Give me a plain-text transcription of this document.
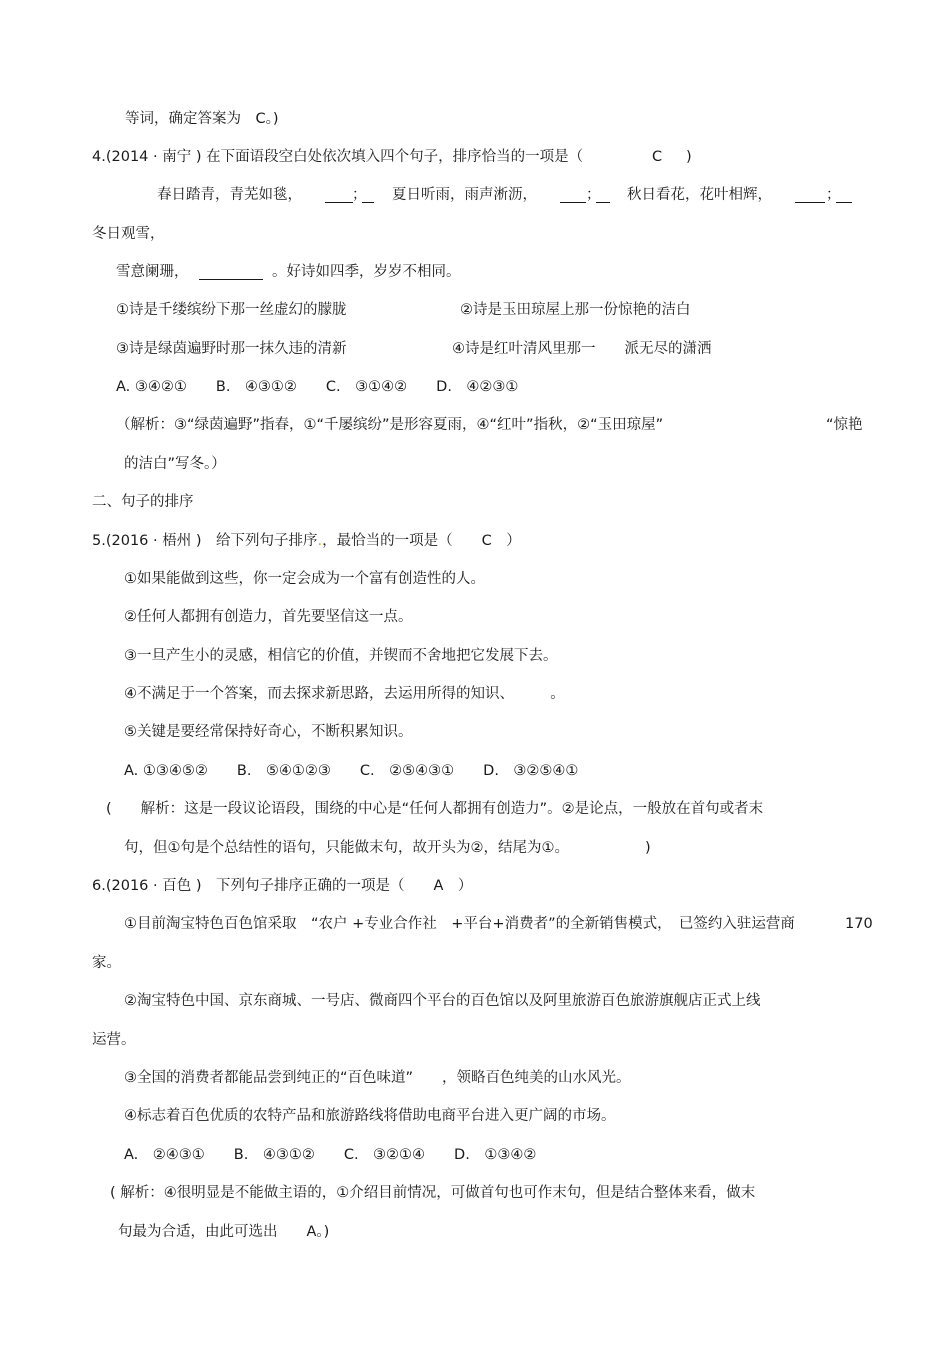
等词，确定答案为　C。)
4.(2014 · 南宁 ) 在下面语段空白处依次填入四个句子，排序恰当的一项是（	C )
春日踏青，青芜如毯，	； 夏日听雨，雨声淅沥，	； 秋日看花，花叶相辉，	；
冬日观雪，
雪意阑珊，	。好诗如四季，岁岁不相同。
①诗是千缕缤纷下那一丝虚幻的朦胧	②诗是玉田琼屋上那一份惊艳的洁白
③诗是绿茵遍野时那一抹久违的清新	④诗是红叶清风里那一　　派无尽的潇洒
A. ③④②①　　B.　④③①②　　C.　③①④②　　D.　④②③①
（解析：③“绿茵遍野”指春，①“千屡缤纷”是形容夏雨，④“红叶”指秋，②“玉田琼屋”	“惊艳
的洁白”写冬。）
二、句子的排序
5.(2016 · 梧州 )　给下列句子排序.，最恰当的一项是（　　C　）
①如果能做到这些，你一定会成为一个富有创造性的人。
②任何人都拥有创造力，首先要坚信这一点。
③一旦产生小的灵感，相信它的价值，并锲而不舍地把它发展下去。
④不满足于一个答案，而去探求新思路，去运用所得的知识、　　　。
⑤关键是要经常保持好奇心，不断积累知识。
A. ①③④⑤②　　B.　⑤④①②③　　C.　②⑤④③①　　D.　③②⑤④①
(　　解析：这是一段议论语段，围绕的中心是“任何人都拥有创造力”。②是论点，一般放在首句或者末
句，但①句是个总结性的语句，只能做末句，故开头为②，结尾为①。	)
6.(2016 · 百色 )　下列句子排序正确的一项是（　　A　）
①目前淘宝特色百色馆采取　“农户 +专业合作社　+平台+消费者”的全新销售模式，　已签约入驻运营商	170
家。
②淘宝特色中国、京东商城、一号店、微商四个平台的百色馆以及阿里旅游百色旅游旗舰店正式上线
运营。
③全国的消费者都能品尝到纯正的“百色味道”　　，领略百色纯美的山水风光。
④标志着百色优质的农特产品和旅游路线将借助电商平台进入更广阔的市场。
A.　②④③①　　B.　④③①②　　C.　③②①④　　D.　①③④②
( 解析：④很明显是不能做主语的，①介绍目前情况，可做首句也可作末句，但是结合整体来看，做末
句最为合适，由此可选出　　A。)
